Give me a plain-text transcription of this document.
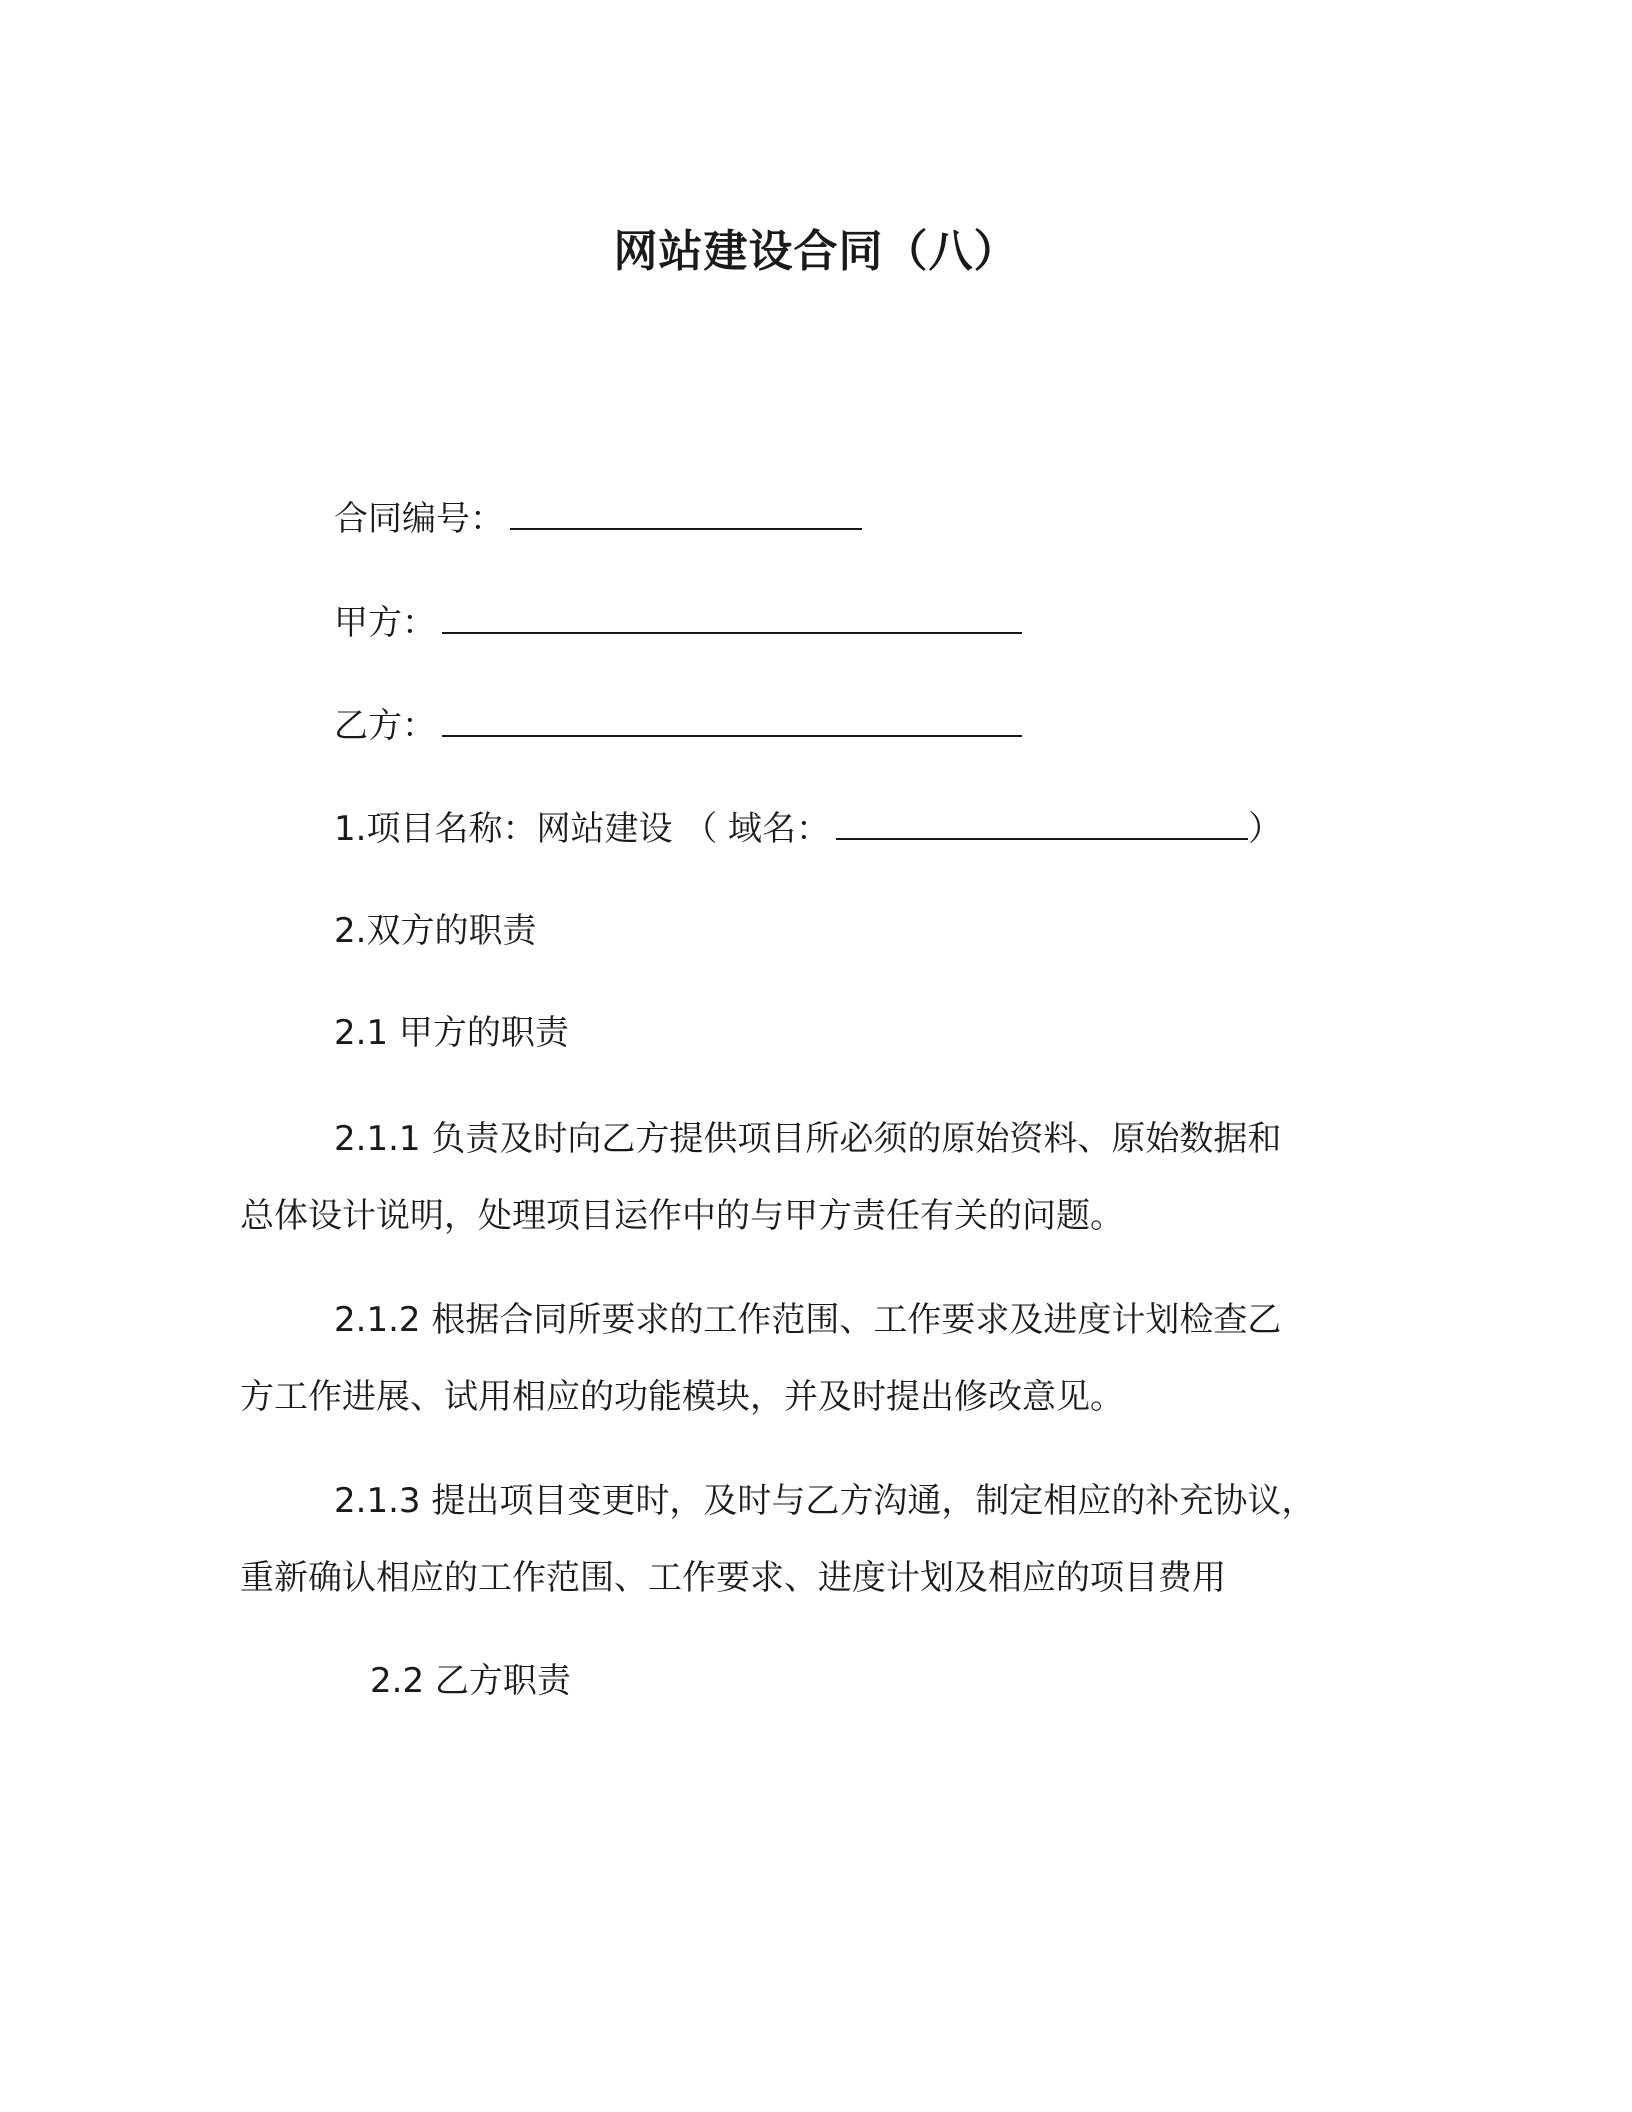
网站建设合同（八）
合同编号：
甲方：
乙方：
1.项目名称：网站建设 （ 域名：	）
2.双方的职责
2.1 甲方的职责
2.1.1 负责及时向乙方提供项目所必须的原始资料、原始数据和
总体设计说明，处理项目运作中的与甲方责任有关的问题。
2.1.2 根据合同所要求的工作范围、工作要求及进度计划检查乙
方工作进展、试用相应的功能模块，并及时提出修改意见。
2.1.3 提出项目变更时，及时与乙方沟通，制定相应的补充协议，
重新确认相应的工作范围、工作要求、进度计划及相应的项目费用
2.2 乙方职责
